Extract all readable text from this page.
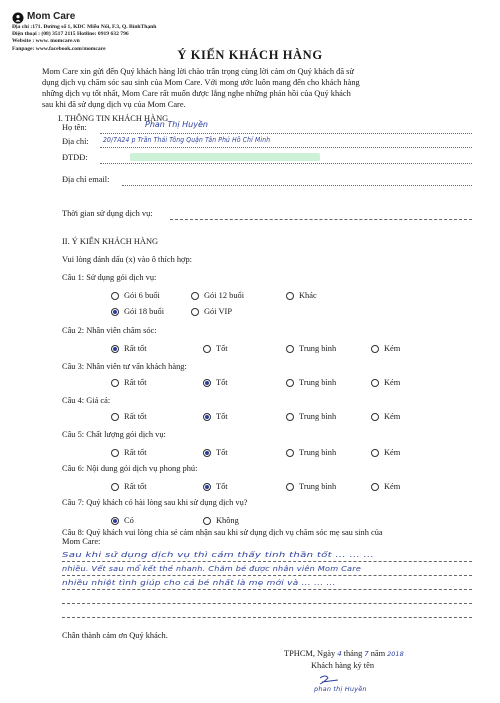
Mom Care
Địa chỉ :171. Đường số 1, KDC Miễu Nổi, F.3, Q. BìnhThạnh
Điện thoại : (08) 3517 2115 Hotline: 0919 632 796
Website : www. momcare.vn
Fanpage: www.facebook.com/momcare	Ý KIẾN KHÁCH HÀNG
Mom Care xin gửi đến Quý khách hàng lời chào trân trọng cùng lời cảm ơn Quý khách đã sử
dụng dịch vụ chăm sóc sau sinh của Mom Care. Với mong ước luôn mang đến cho khách hàng
những dịch vụ tốt nhất, Mom Care rất muốn được lắng nghe những phản hồi của Quý khách
sau khi đã sử dụng dịch vụ của Mom Care.
I. THÔNG TIN KHÁCH HÀNG
Họ tên:	Phan Thị Huyền
Địa chỉ: 20/7A24 p Trần Thái Tông Quận Tân Phú Hồ Chí Minh
ĐTDĐ:
Địa chỉ email:
Thời gian sử dụng dịch vụ:
II. Ý KIẾN KHÁCH HÀNG
Vui lòng đánh dấu (x) vào ô thích hợp:
Câu 1: Sử dụng gói dịch vụ:
Gói 6 buổi	Gói 12 buổi	Khác
Gói 18 buổi	Gói VIP
Câu 2: Nhân viên chăm sóc:
Rất tốt	Tốt	Trung bình	Kém
Câu 3: Nhân viên tư vấn khách hàng:
Rất tốt	Tốt	Trung bình	Kém
Câu 4: Giá cả:
Rất tốt	Tốt	Trung bình	Kém
Câu 5: Chất lượng gói dịch vụ:
Rất tốt	Tốt	Trung bình	Kém
Câu 6: Nội dung gói dịch vụ phong phú:
Rất tốt	Tốt	Trung bình	Kém
Câu 7: Quý khách có hài lòng sau khi sử dụng dịch vụ?
Có	Không
Câu 8: Quý khách vui lòng chia sẻ cảm nhận sau khi sử dụng dịch vụ chăm sóc mẹ sau sinh của
Mom Care:
Sau khi sử dụng dịch vụ thì cảm thấy tinh thần tốt ... ... ...
nhiều. Vết sau mổ kết thẻ nhanh. Chăm bé được nhân viên Mom Care
nhiều nhiệt tình giúp cho cả bé nhất là mẹ mới và ... ... ...
Chân thành cảm ơn Quý khách.
TPHCM, Ngày 4 tháng 7 năm 2018
Khách hàng ký tên
phan thị Huyền
